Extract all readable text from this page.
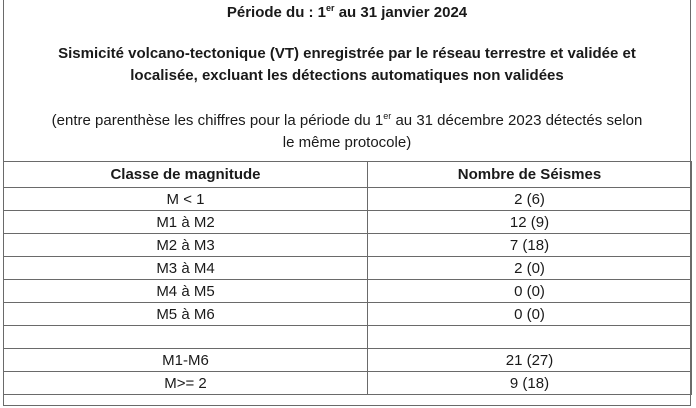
Période du : 1er au 31 janvier 2024
Sismicité volcano-tectonique (VT) enregistrée par le réseau terrestre et validée et
localisée, excluant les détections automatiques non validées
(entre parenthèse les chiffres pour la période du 1er au 31 décembre 2023 détectés selon
le même protocole)
Classe de magnitude	Nombre de Séismes
M < 1	2 (6)
M1 à M2	12 (9)
M2 à M3	7 (18)
M3 à M4	2 (0)
M4 à M5	0 (0)
M5 à M6	0 (0)

M1-M6	21 (27)
M>= 2	9 (18)
